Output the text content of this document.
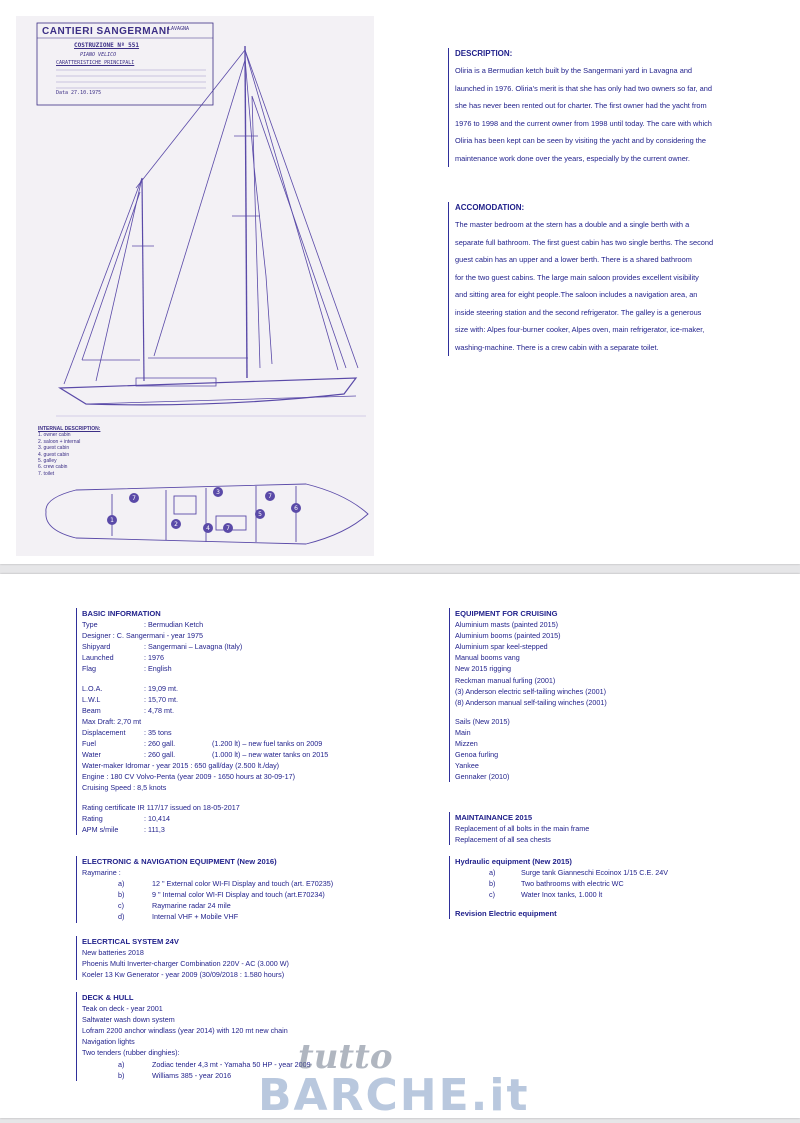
1
7
2
4	7
3
5
6
7
CANTIERI SANGERMANI
LAVAGNA
COSTRUZIONE Nº 551
PIANO VELICO
CARATTERISTICHE PRINCIPALI
Data 27.10.1975
INTERNAL DESCRIPTION:
1. owner cabin
2. saloon + internal
3. guest cabin
4. guest cabin
5. galley
6. crew cabin
7. toilet
DESCRIPTION:
Oliria is a Bermudian ketch built by the Sangermani yard in Lavagna and
launched in 1976. Oliria's merit is that she has only had two owners so far, and
she has never been rented out for charter. The first owner had the yacht from
1976 to 1998 and the current owner from 1998 until today. The care with which
Oliria has been kept can be seen by visiting the yacht and by considering the
maintenance work done over the years, especially by the current owner.
ACCOMODATION:
The master bedroom at the stern has a double and a single berth with a
separate full bathroom. The first guest cabin has two single berths. The second
guest cabin has an upper and a lower berth. There is a shared bathroom
for the two guest cabins. The large main saloon provides excellent visibility
and sitting area for eight people.The saloon includes a navigation area, an
inside steering station and the second refrigerator. The galley is a generous
size with: Alpes four-burner cooker, Alpes oven, main refrigerator, ice-maker,
washing-machine. There is a crew cabin with a separate toilet.
BASIC INFORMATION
Type	: Bermudian Ketch
Designer : C. Sangermani - year 1975
Shipyard	: Sangermani – Lavagna (Italy)
Launched	: 1976
Flag	: English
L.O.A.	: 19,09 mt.
L.W.L	: 15,70 mt.
Beam	: 4,78 mt.
Max Draft: 2,70 mt
Displacement	: 35 tons
Fuel	: 260 gall.	(1.200 lt) – new fuel tanks on 2009
Water	: 260 gall.	(1.000 lt) – new water tanks on 2015
Water-maker Idromar - year 2015 : 650 gall/day (2.500 lt./day)
Engine : 180 CV Volvo-Penta (year 2009 - 1650 hours at 30-09-17)
Cruising Speed : 8,5 knots
Rating certificate IR 117/17 issued on 18-05-2017
Rating	: 10,414
APM s/mile	: 111,3
ELECTRONIC & NAVIGATION EQUIPMENT (New 2016)
Raymarine :
a)	12 " External color WI-FI Display and touch (art. E70235)
b)	9 " Internal color WI-FI Display and touch (art.E70234)
c)	Raymarine radar 24 mile
d)	Internal VHF + Mobile VHF
ELECRTICAL SYSTEM 24V
New batteries 2018
Phoenis Multi Inverter-charger Combination 220V - AC (3.000 W)
Koeler 13 Kw Generator - year 2009 (30/09/2018 : 1.580 hours)
DECK & HULL
Teak on deck - year 2001
Saltwater wash down system
Lofram 2200 anchor windlass (year 2014) with 120 mt new chain
Navigation lights
Two tenders (rubber dinghies):
a)	Zodiac tender 4,3 mt - Yamaha 50 HP - year 2009
b)	Williams 385 - year 2016
EQUIPMENT FOR CRUISING
Aluminium masts (painted 2015)
Aluminium booms (painted 2015)
Aluminium spar keel-stepped
Manual booms vang
New 2015 rigging
Reckman manual furling (2001)
(3) Anderson electric self-tailing winches (2001)
(8) Anderson manual self-tailing winches (2001)
Sails (New 2015)
Main
Mizzen
Genoa furling
Yankee
Gennaker (2010)
MAINTAINANCE 2015
Replacement of all bolts in the main frame
Replacement of all sea chests
Hydraulic equipment (New 2015)
a)	Surge tank Gianneschi Ecoinox 1/15 C.E. 24V
b)	Two bathrooms with electric WC
c)	Water Inox tanks, 1.000 lt
Revision Electric equipment
tutto
BARCHE.it
